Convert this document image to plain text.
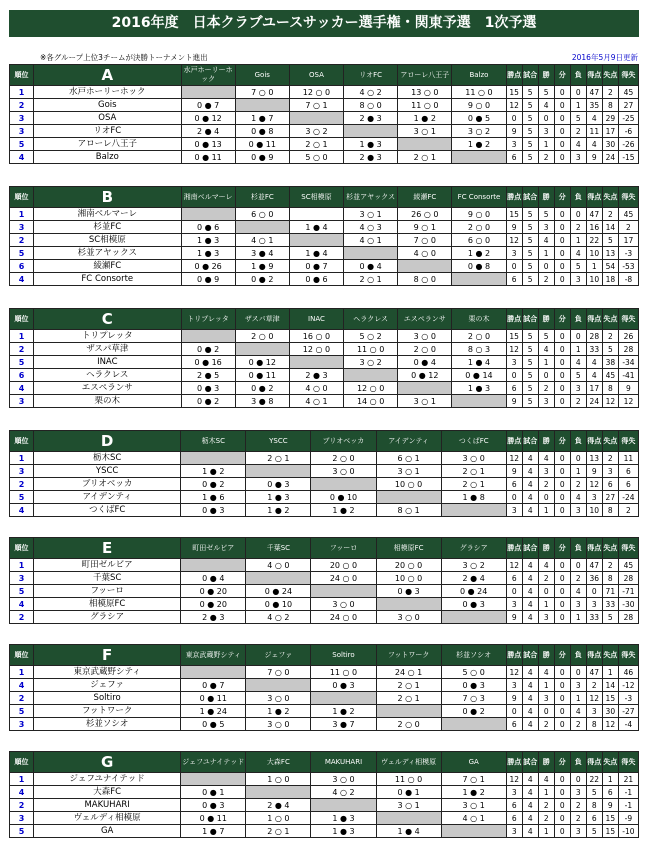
2016年度　日本クラブユースサッカー選手権・関東予選　1次予選
※各グループ上位3チームが決勝トーナメント進出	2016年5月9日更新
順位	A	水戸ホーリーホック	Gois	OSA	リオFC	アローレ八王子	Balzo	勝点	試合	勝	分	負	得点	失点	得失
1	水戸ホーリーホック		7 ○ 0	12 ○ 0	4 ○ 2	13 ○ 0	11 ○ 0	15	5	5	0	0	47	2	45
2	Gois	0 ● 7		7 ○ 1	8 ○ 0	11 ○ 0	9 ○ 0	12	5	4	0	1	35	8	27
3	OSA	0 ● 12	1 ● 7		2 ● 3	1 ● 2	0 ● 5	0	5	0	0	5	4	29	-25
3	リオFC	2 ● 4	0 ● 8	3 ○ 2		3 ○ 1	3 ○ 2	9	5	3	0	2	11	17	-6
5	アローレ八王子	0 ● 13	0 ● 11	2 ○ 1	1 ● 3		1 ● 2	3	5	1	0	4	4	30	-26
4	Balzo	0 ● 11	0 ● 9	5 ○ 0	2 ● 3	2 ○ 1		6	5	2	0	3	9	24	-15
順位	B	湘南ベルマーレ	杉並FC	SC相模原	杉並アヤックス	綾瀬FC	FC Consorte	勝点	試合	勝	分	負	得点	失点	得失
1	湘南ベルマーレ		6 ○ 0		3 ○ 1	26 ○ 0	9 ○ 0	15	5	5	0	0	47	2	45
3	杉並FC	0 ● 6		1 ● 4	4 ○ 3	9 ○ 1	2 ○ 0	9	5	3	0	2	16	14	2
2	SC相模原	1 ● 3	4 ○ 1		4 ○ 1	7 ○ 0	6 ○ 0	12	5	4	0	1	22	5	17
5	杉並アヤックス	1 ● 3	3 ● 4	1 ● 4		4 ○ 0	1 ● 2	3	5	1	0	4	10	13	-3
6	綾瀬FC	0 ● 26	1 ● 9	0 ● 7	0 ● 4		0 ● 8	0	5	0	0	5	1	54	-53
4	FC Consorte	0 ● 9	0 ● 2	0 ● 6	2 ○ 1	8 ○ 0		6	5	2	0	3	10	18	-8
順位	C	トリプレッタ	ザスパ草津	INAC	ヘラクレス	エスペランサ	栗の木	勝点	試合	勝	分	負	得点	失点	得失
1	トリプレッタ		2 ○ 0	16 ○ 0	5 ○ 2	3 ○ 0	2 ○ 0	15	5	5	0	0	28	2	26
2	ザスパ草津	0 ● 2		12 ○ 0	11 ○ 0	2 ○ 0	8 ○ 3	12	5	4	0	1	33	5	28
5	INAC	0 ● 16	0 ● 12		3 ○ 2	0 ● 4	1 ● 4	3	5	1	0	4	4	38	-34
6	ヘラクレス	2 ● 5	0 ● 11	2 ● 3		0 ● 12	0 ● 14	0	5	0	0	5	4	45	-41
4	エスペランサ	0 ● 3	0 ● 2	4 ○ 0	12 ○ 0		1 ● 3	6	5	2	0	3	17	8	9
3	栗の木	0 ● 2	3 ● 8	4 ○ 1	14 ○ 0	3 ○ 1		9	5	3	0	2	24	12	12
順位	D	栃木SC	YSCC	ブリオベッカ	アイデンティ	つくばFC	勝点	試合	勝	分	負	得点	失点	得失
1	栃木SC		2 ○ 1	2 ○ 0	6 ○ 1	3 ○ 0	12	4	4	0	0	13	2	11
3	YSCC	1 ● 2		3 ○ 0	3 ○ 1	2 ○ 1	9	4	3	0	1	9	3	6
2	ブリオベッカ	0 ● 2	0 ● 3		10 ○ 0	2 ○ 1	6	4	2	0	2	12	6	6
5	アイデンティ	1 ● 6	1 ● 3	0 ● 10		1 ● 8	0	4	0	0	4	3	27	-24
4	つくばFC	0 ● 3	1 ● 2	1 ● 2	8 ○ 1		3	4	1	0	3	10	8	2
順位	E	町田ゼルビア	千葉SC	フッーロ	相模原FC	グラシア	勝点	試合	勝	分	負	得点	失点	得失
1	町田ゼルビア		4 ○ 0	20 ○ 0	20 ○ 0	3 ○ 2	12	4	4	0	0	47	2	45
3	千葉SC	0 ● 4		24 ○ 0	10 ○ 0	2 ● 4	6	4	2	0	2	36	8	28
5	フッーロ	0 ● 20	0 ● 24		0 ● 3	0 ● 24	0	4	0	0	4	0	71	-71
4	相模原FC	0 ● 20	0 ● 10	3 ○ 0		0 ● 3	3	4	1	0	3	3	33	-30
2	グラシア	2 ● 3	4 ○ 2	24 ○ 0	3 ○ 0		9	4	3	0	1	33	5	28
順位	F	東京武蔵野シティ	ジェファ	Soltiro	フットワーク	杉並ソシオ	勝点	試合	勝	分	負	得点	失点	得失
1	東京武蔵野シティ		7 ○ 0	11 ○ 0	24 ○ 1	5 ○ 0	12	4	4	0	0	47	1	46
4	ジェファ	0 ● 7		0 ● 3	2 ○ 1	0 ● 3	3	4	1	0	3	2	14	-12
2	Soltiro	0 ● 11	3 ○ 0		2 ○ 1	7 ○ 3	9	4	3	0	1	12	15	-3
5	フットワーク	1 ● 24	1 ● 2	1 ● 2		0 ● 2	0	4	0	0	4	3	30	-27
3	杉並ソシオ	0 ● 5	3 ○ 0	3 ● 7	2 ○ 0		6	4	2	0	2	8	12	-4
順位	G	ジェフユナイテッド	大森FC	MAKUHARI	ヴェルディ相模原	GA	勝点	試合	勝	分	負	得点	失点	得失
1	ジェフユナイテッド		1 ○ 0	3 ○ 0	11 ○ 0	7 ○ 1	12	4	4	0	0	22	1	21
4	大森FC	0 ● 1		4 ○ 2	0 ● 1	1 ● 2	3	4	1	0	3	5	6	-1
2	MAKUHARI	0 ● 3	2 ● 4		3 ○ 1	3 ○ 1	6	4	2	0	2	8	9	-1
3	ヴェルディ相模原	0 ● 11	1 ○ 0	1 ● 3		4 ○ 1	6	4	2	0	2	6	15	-9
5	GA	1 ● 7	2 ○ 1	1 ● 3	1 ● 4		3	4	1	0	3	5	15	-10
